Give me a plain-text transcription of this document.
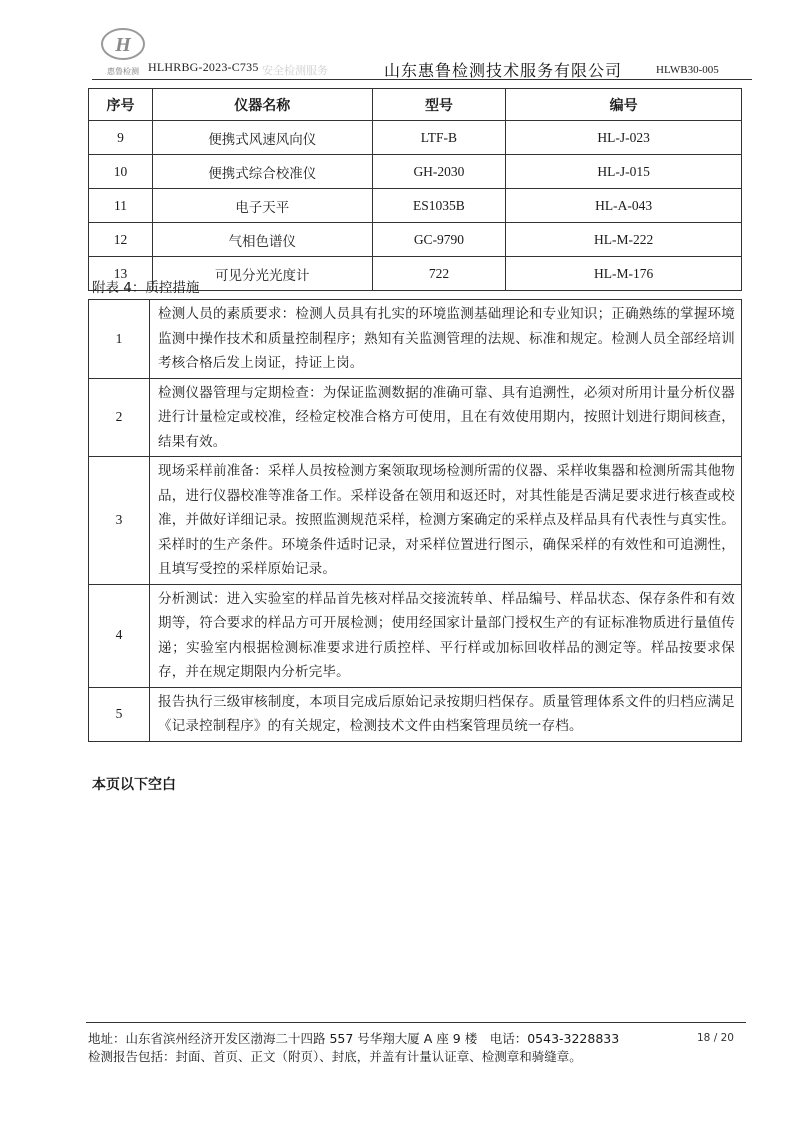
H
惠鲁检测 HLHRBG-2023-C735 安全检测服务	山东惠鲁检测技术服务有限公司	HLWB30-005
序号	仪器名称	型号	编号
9	便携式风速风向仪	LTF-B	HL-J-023
10	便携式综合校准仪	GH-2030	HL-J-015
11	电子天平	ES1035B	HL-A-043
12	气相色谱仪	GC-9790	HL-M-222
13	可见分光光度计	722	HL-M-176
附表 4：质控措施
1	检测人员的素质要求：检测人员具有扎实的环境监测基础理论和专业知识；正确熟练的掌握环境监测中操作技术和质量控制程序；熟知有关监测管理的法规、标准和规定。检测人员全部经培训考核合格后发上岗证，持证上岗。
2	检测仪器管理与定期检查：为保证监测数据的准确可靠、具有追溯性，必须对所用计量分析仪器进行计量检定或校准，经检定校准合格方可使用，且在有效使用期内，按照计划进行期间核查，结果有效。
3	现场采样前准备：采样人员按检测方案领取现场检测所需的仪器、采样收集器和检测所需其他物品，进行仪器校准等准备工作。采样设备在领用和返还时，对其性能是否满足要求进行核查或校准，并做好详细记录。按照监测规范采样，检测方案确定的采样点及样品具有代表性与真实性。采样时的生产条件。环境条件适时记录，对采样位置进行图示，确保采样的有效性和可追溯性，且填写受控的采样原始记录。
4	分析测试：进入实验室的样品首先核对样品交接流转单、样品编号、样品状态、保存条件和有效期等，符合要求的样品方可开展检测；使用经国家计量部门授权生产的有证标准物质进行量值传递；实验室内根据检测标准要求进行质控样、平行样或加标回收样品的测定等。样品按要求保存，并在规定期限内分析完毕。
5	报告执行三级审核制度，本项目完成后原始记录按期归档保存。质量管理体系文件的归档应满足《记录控制程序》的有关规定，检测技术文件由档案管理员统一存档。
本页以下空白
地址：山东省滨州经济开发区渤海二十四路 557 号华翔大厦 A 座 9 楼　电话：0543-3228833	18 / 20
检测报告包括：封面、首页、正文（附页）、封底，并盖有计量认证章、检测章和骑缝章。
